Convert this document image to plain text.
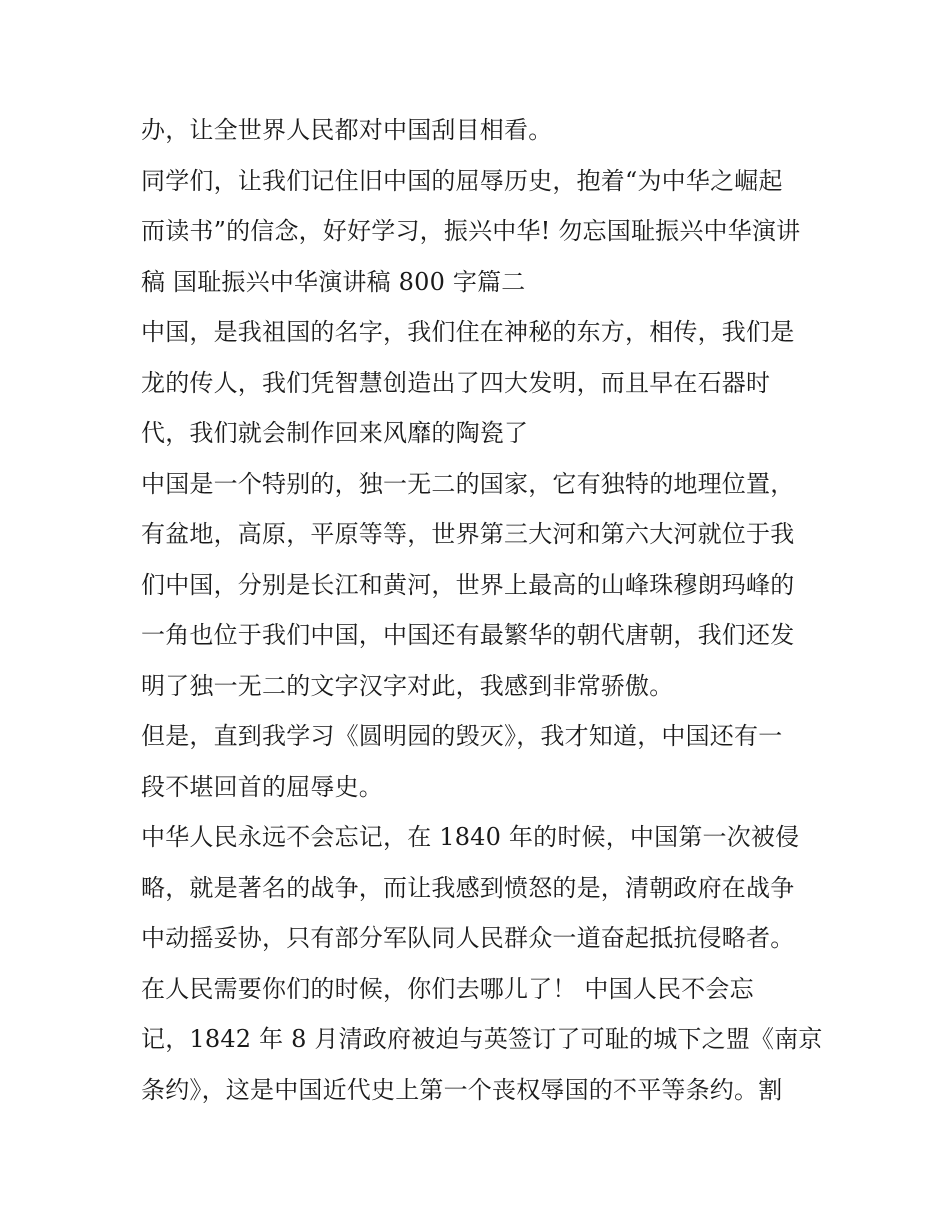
办，让全世界人民都对中国刮目相看。
同学们，让我们记住旧中国的屈辱历史，抱着“为中华之崛起
而读书”的信念，好好学习，振兴中华! 勿忘国耻振兴中华演讲
稿 国耻振兴中华演讲稿 800 字篇二
中国，是我祖国的名字，我们住在神秘的东方，相传，我们是
龙的传人，我们凭智慧创造出了四大发明，而且早在石器时
代，我们就会制作回来风靡的陶瓷了
中国是一个特别的，独一无二的国家，它有独特的地理位置，
有盆地，高原，平原等等，世界第三大河和第六大河就位于我
们中国，分别是长江和黄河，世界上最高的山峰珠穆朗玛峰的
一角也位于我们中国，中国还有最繁华的朝代唐朝，我们还发
明了独一无二的文字汉字对此，我感到非常骄傲。
但是，直到我学习《圆明园的毁灭》，我才知道，中国还有一
段不堪回首的屈辱史。
中华人民永远不会忘记，在 1840 年的时候，中国第一次被侵
略，就是著名的战争，而让我感到愤怒的是，清朝政府在战争
中动摇妥协，只有部分军队同人民群众一道奋起抵抗侵略者。
在人民需要你们的时候，你们去哪儿了！ 中国人民不会忘
记，1842 年 8 月清政府被迫与英签订了可耻的城下之盟《南京
条约》，这是中国近代史上第一个丧权辱国的不平等条约。割
